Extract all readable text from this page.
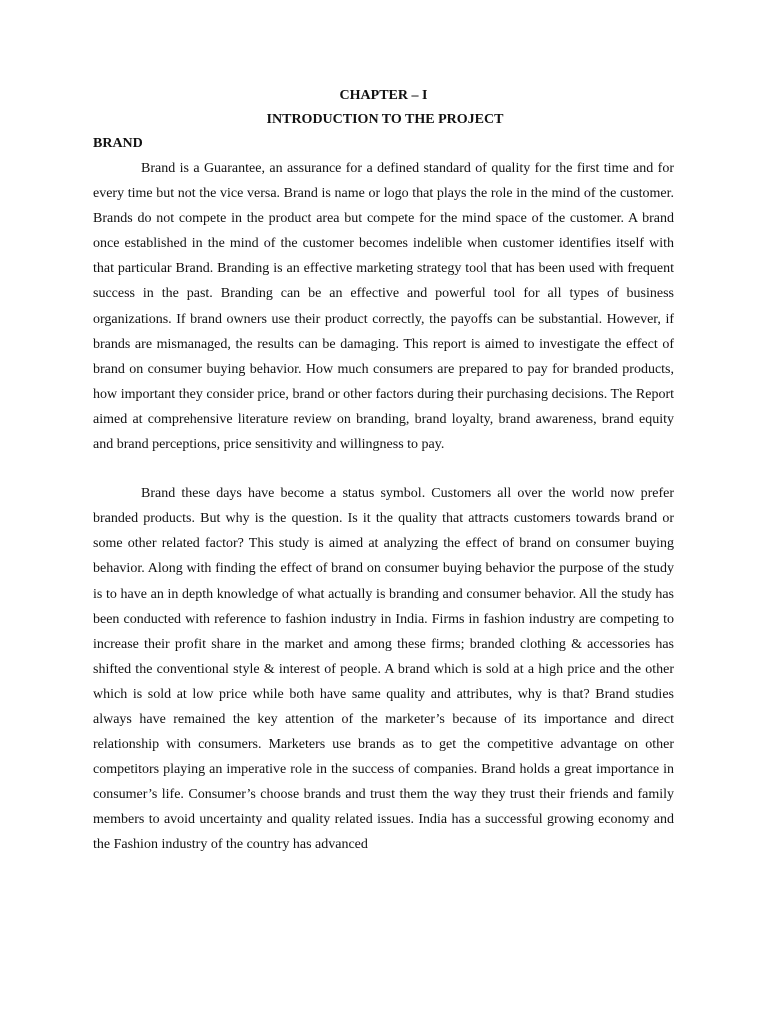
CHAPTER – I

INTRODUCTION TO THE PROJECT

BRAND

Brand is a Guarantee, an assurance for a defined standard of quality for the first time and for every time but not the vice versa. Brand is name or logo that plays the role in the mind of the customer. Brands do not compete in the product area but compete for the mind space of the customer. A brand once established in the mind of the customer becomes indelible when customer identifies itself with that particular Brand. Branding is an effective marketing strategy tool that has been used with frequent success in the past. Branding can be an effective and powerful tool for all types of business organizations. If brand owners use their product correctly, the payoffs can be substantial. However, if brands are mismanaged, the results can be damaging. This report is aimed to investigate the effect of brand on consumer buying behavior. How much consumers are prepared to pay for branded products, how important they consider price, brand or other factors during their purchasing decisions. The Report aimed at comprehensive literature review on branding, brand loyalty, brand awareness, brand equity and brand perceptions, price sensitivity and willingness to pay.

Brand these days have become a status symbol. Customers all over the world now prefer branded products. But why is the question. Is it the quality that attracts customers towards brand or some other related factor? This study is aimed at analyzing the effect of brand on consumer buying behavior. Along with finding the effect of brand on consumer buying behavior the purpose of the study is to have an in depth knowledge of what actually is branding and consumer behavior. All the study has been conducted with reference to fashion industry in India. Firms in fashion industry are competing to increase their profit share in the market and among these firms; branded clothing & accessories has shifted the conventional style & interest of people. A brand which is sold at a high price and the other which is sold at low price while both have same quality and attributes, why is that? Brand studies always have remained the key attention of the marketer’s because of its importance and direct relationship with consumers. Marketers use brands as to get the competitive advantage on other competitors playing an imperative role in the success of companies. Brand holds a great importance in consumer’s life. Consumer’s choose brands and trust them the way they trust their friends and family members to avoid uncertainty and quality related issues. India has a successful growing economy and the Fashion industry of the country has advanced
